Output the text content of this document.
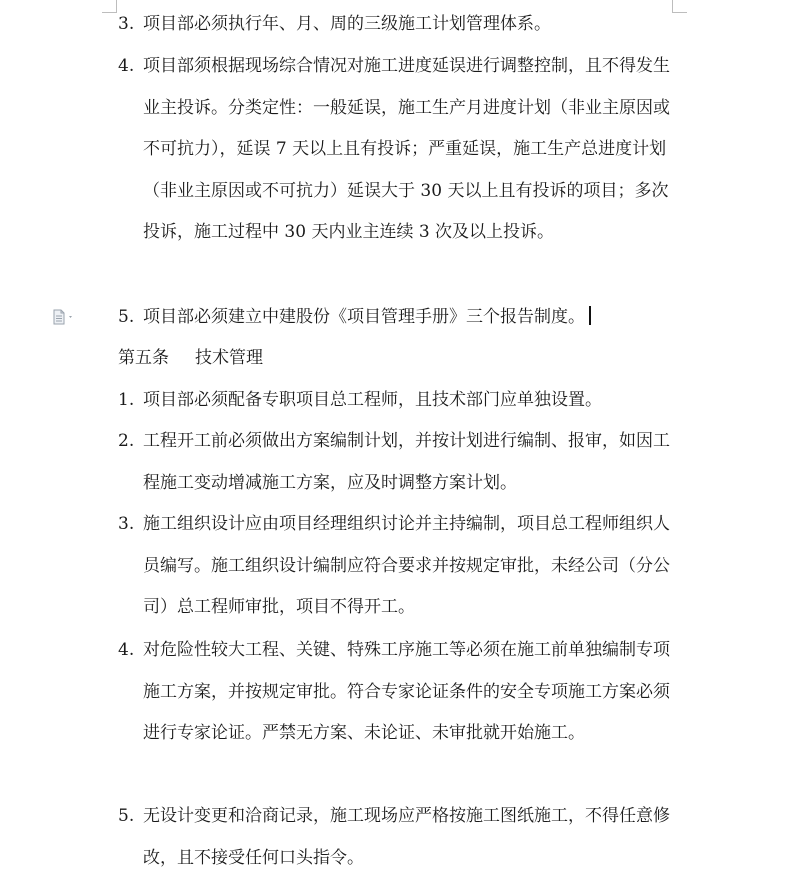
3. 项目部必须执行年、月、周的三级施工计划管理体系。
4. 项目部须根据现场综合情况对施工进度延误进行调整控制，且不得发生业主投诉。分类定性：一般延误，施工生产月进度计划（非业主原因或不可抗力），延误 7 天以上且有投诉；严重延误，施工生产总进度计划（非业主原因或不可抗力）延误大于 30 天以上且有投诉的项目；多次投诉，施工过程中 30 天内业主连续 3 次及以上投诉。
5. 项目部必须建立中建股份《项目管理手册》三个报告制度。
第五条 技术管理
1. 项目部必须配备专职项目总工程师，且技术部门应单独设置。
2. 工程开工前必须做出方案编制计划，并按计划进行编制、报审，如因工程施工变动增减施工方案，应及时调整方案计划。
3. 施工组织设计应由项目经理组织讨论并主持编制，项目总工程师组织人员编写。施工组织设计编制应符合要求并按规定审批，未经公司（分公司）总工程师审批，项目不得开工。
4. 对危险性较大工程、关键、特殊工序施工等必须在施工前单独编制专项施工方案，并按规定审批。符合专家论证条件的安全专项施工方案必须进行专家论证。严禁无方案、未论证、未审批就开始施工。
5. 无设计变更和洽商记录，施工现场应严格按施工图纸施工，不得任意修改，且不接受任何口头指令。
